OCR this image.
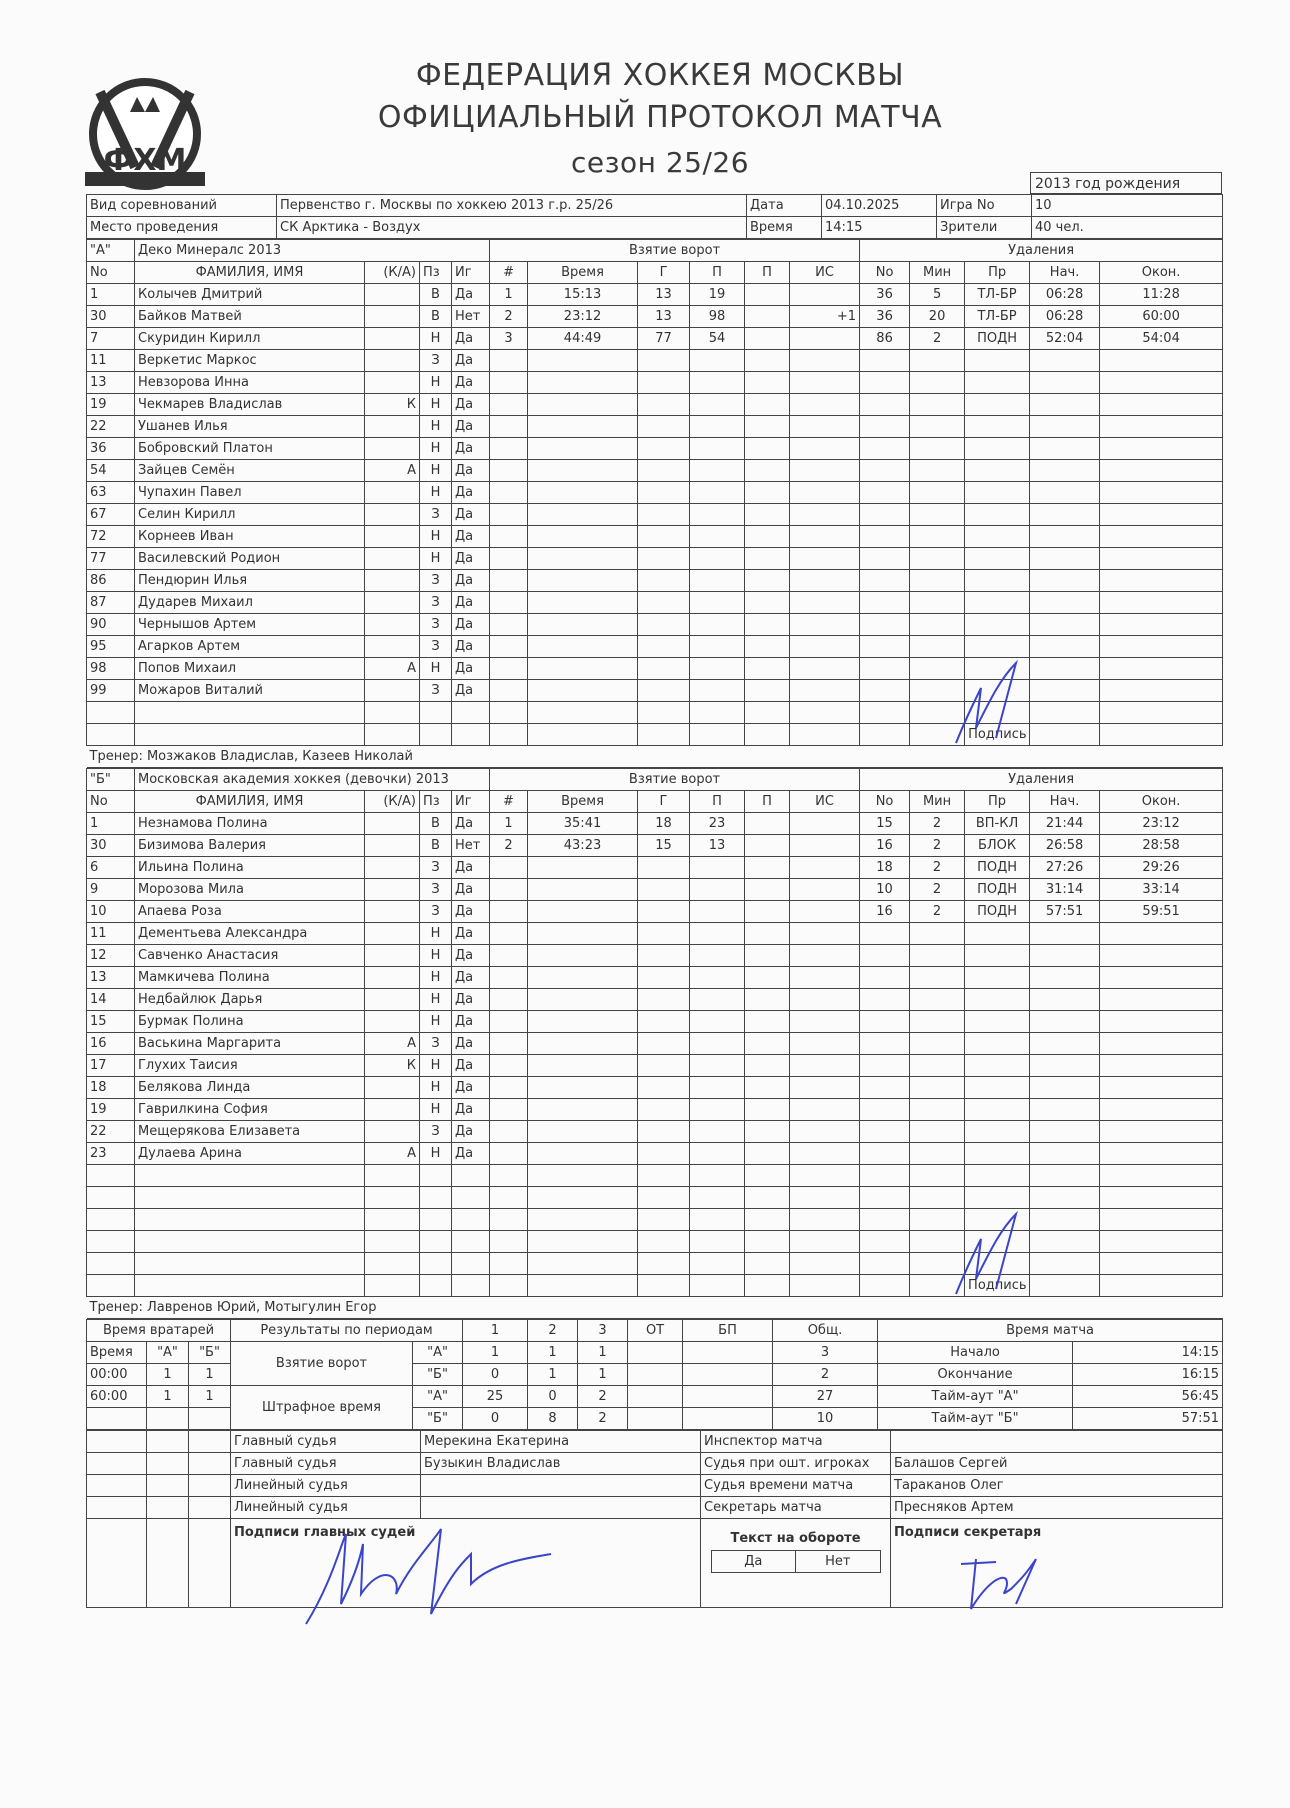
ФХМ
ФЕДЕРАЦИЯ ХОККЕЯ МОСКВЫ
ОФИЦИАЛЬНЫЙ ПРОТОКОЛ МАТЧА
сезон 25/26
2013 год рождения
Вид соревнований	Первенство г. Москвы по хоккею 2013 г.р. 25/26	Дата	04.10.2025	Игра No	10
Место проведения	СК Арктика - Воздух	Время	14:15	Зрители	40 чел.
"А"	Деко Минералс 2013				Взятие ворот						Удаления				
No	ФАМИЛИЯ, ИМЯ	(К/А)	Пз	Иг	#	Время	Г	П	П	ИС	No	Мин	Пр	Нач.	Окон.
1	Колычев Дмитрий		В	Да	1	15:13	13	19			36	5	ТЛ-БР	06:28	11:28
30	Байков Матвей		В	Нет	2	23:12	13	98		+1	36	20	ТЛ-БР	06:28	60:00
7	Скуридин Кирилл		Н	Да	3	44:49	77	54			86	2	ПОДН	52:04	54:04
11	Веркетис Маркос		З	Да											
13	Невзорова Инна		Н	Да											
19	Чекмарев Владислав	К	Н	Да											
22	Ушанев Илья		Н	Да											
36	Бобровский Платон		Н	Да											
54	Зайцев Семён	А	Н	Да											
63	Чупахин Павел		Н	Да											
67	Селин Кирилл		З	Да											
72	Корнеев Иван		Н	Да											
77	Василевский Родион		Н	Да											
86	Пендюрин Илья		З	Да											
87	Дударев Михаил		З	Да											
90	Чернышов Артем		З	Да											
95	Агарков Артем		З	Да											
98	Попов Михаил	А	Н	Да											
99	Можаров Виталий		З	Да											

													Подпись		
Тренер: Мозжаков Владислав, Казеев Николай															
"Б"	Московская академия хоккея (девочки) 2013				Взятие ворот						Удаления				
No	ФАМИЛИЯ, ИМЯ	(К/А)	Пз	Иг	#	Время	Г	П	П	ИС	No	Мин	Пр	Нач.	Окон.
1	Незнамова Полина		В	Да	1	35:41	18	23			15	2	ВП-КЛ	21:44	23:12
30	Бизимова Валерия		В	Нет	2	43:23	15	13			16	2	БЛОК	26:58	28:58
6	Ильина Полина		З	Да							18	2	ПОДН	27:26	29:26
9	Морозова Мила		З	Да							10	2	ПОДН	31:14	33:14
10	Апаева Роза		З	Да							16	2	ПОДН	57:51	59:51
11	Дементьева Александра		Н	Да											
12	Савченко Анастасия		Н	Да											
13	Мамкичева Полина		Н	Да											
14	Недбайлюк Дарья		Н	Да											
15	Бурмак Полина		Н	Да											
16	Васькина Маргарита	А	З	Да											
17	Глухих Таисия	К	Н	Да											
18	Белякова Линда		Н	Да											
19	Гаврилкина София		Н	Да											
22	Мещерякова Елизавета		З	Да											
23	Дулаева Арина	А	Н	Да											

													Подпись		
Тренер: Лавренов Юрий, Мотыгулин Егор															
Время вратарей			Результаты по периодам		1	2	3	ОТ	БП	Общ.	Время матча	
Время	"А"	"Б"	Взятие ворот	"А"	1	1	1			3	Начало	14:15
00:00	1	1		"Б"	0	1	1			2	Окончание	16:15
60:00	1	1	Штрафное время	"А"	25	0	2			27	Тайм-аут "А"	56:45
				"Б"	0	8	2			10	Тайм-аут "Б"	57:51
			Главный судья	Мерекина Екатерина	Инспектор матча	
			Главный судья	Бузыкин Владислав	Судья при ошт. игроках	Балашов Сергей
			Линейный судья		Судья времени матча	Тараканов Олег
			Линейный судья		Секретарь матча	Пресняков Артем
			Подписи главных судей	Текст на обороте
Да	Нет
	Подписи секретаря
